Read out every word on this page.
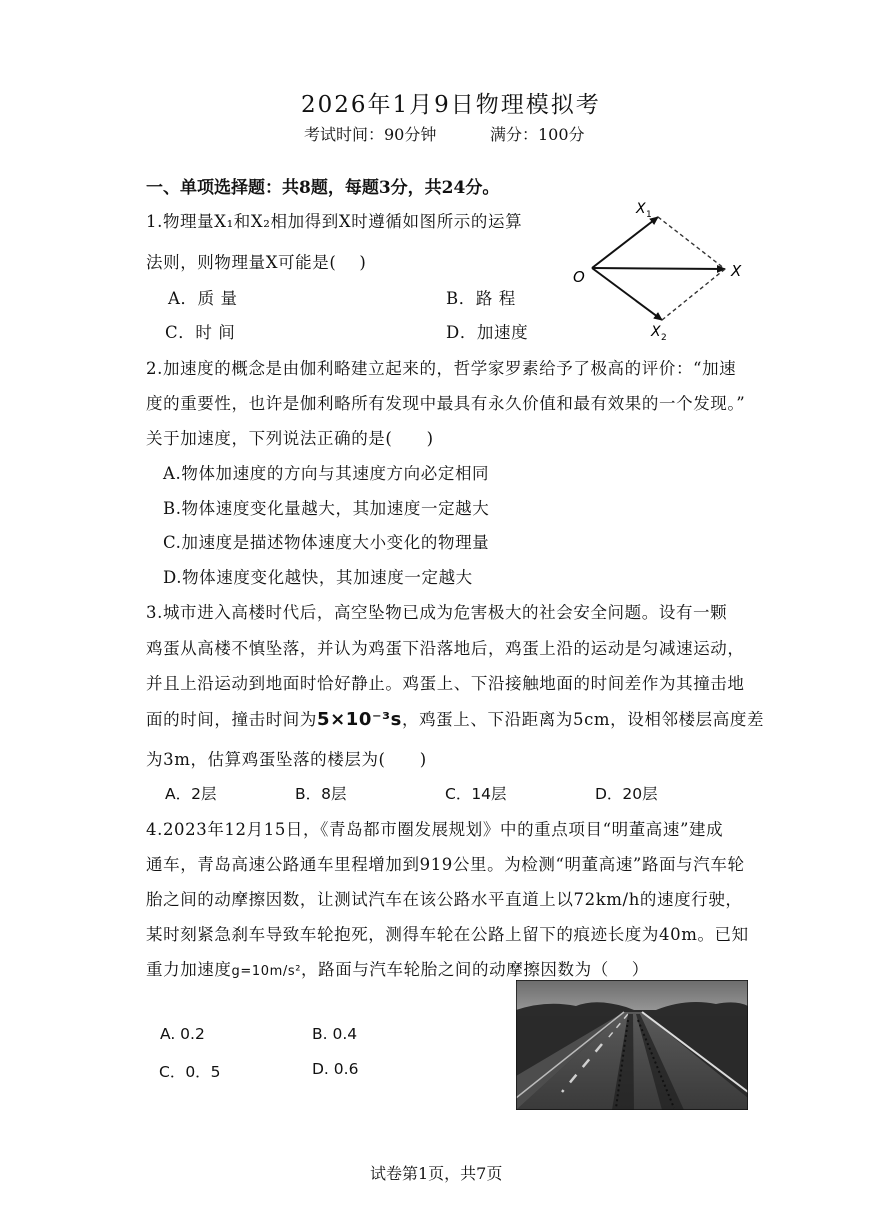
2026年1月9日物理模拟考
考试时间：90分钟	满分：100分
一、单项选择题：共8题，每题3分，共24分。
1.物理量X₁和X₂相加得到X时遵循如图所示的运算
法则，则物理量X可能是(　 )
A．质 量	B．路 程
C．时 间	D．加速度
O	X
X 1
X 2
2.加速度的概念是由伽利略建立起来的，哲学家罗素给予了极高的评价：“加速
度的重要性，也许是伽利略所有发现中最具有永久价值和最有效果的一个发现。”
关于加速度，下列说法正确的是(　　)
A.物体加速度的方向与其速度方向必定相同
B.物体速度变化量越大，其加速度一定越大
C.加速度是描述物体速度大小变化的物理量
D.物体速度变化越快，其加速度一定越大
3.城市进入高楼时代后，高空坠物已成为危害极大的社会安全问题。设有一颗
鸡蛋从高楼不慎坠落，并认为鸡蛋下沿落地后，鸡蛋上沿的运动是匀减速运动，
并且上沿运动到地面时恰好静止。鸡蛋上、下沿接触地面的时间差作为其撞击地
面的时间，撞击时间为5×10⁻³s，鸡蛋上、下沿距离为5cm，设相邻楼层高度差
为3m，估算鸡蛋坠落的楼层为(　　)
A．2层	B．8层	C．14层	D．20层
4.2023年12月15日，《青岛都市圈发展规划》中的重点项目“明董高速”建成
通车，青岛高速公路通车里程增加到919公里。为检测“明董高速”路面与汽车轮
胎之间的动摩擦因数，让测试汽车在该公路水平直道上以72km/h的速度行驶，
某时刻紧急刹车导致车轮抱死，测得车轮在公路上留下的痕迹长度为40m。已知
重力加速度g=10m/s²，路面与汽车轮胎之间的动摩擦因数为（　 ）
A. 0.2	B. 0.4
C．0．5	D. 0.6
试卷第1页，共7页
